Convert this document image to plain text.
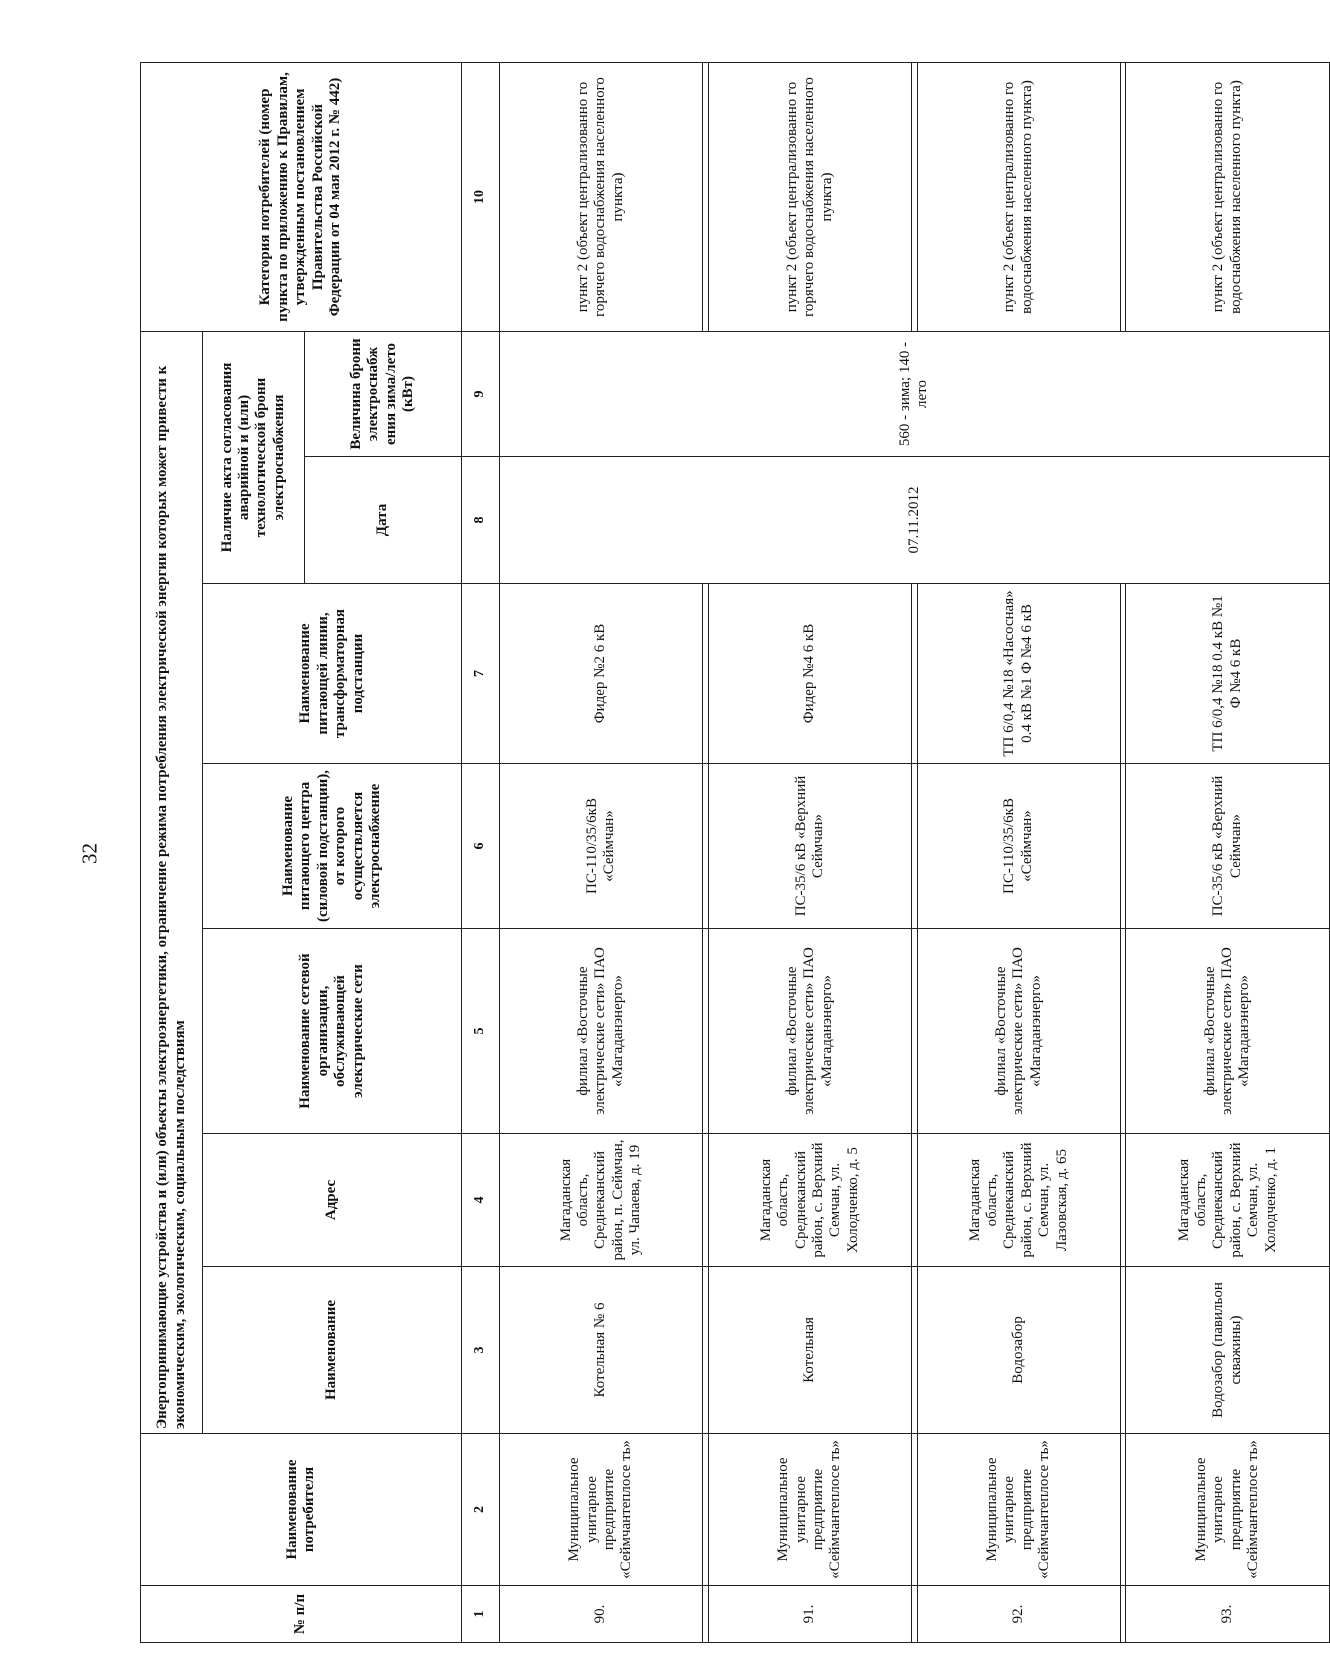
32
№ п/п	Наименование потребителя	Энергопринимающие устройства и (или) объекты электроэнергетики, ограничение режима потребления электрической энергии которых может привести к экономическим, экологическим, социальным последствиям							Категория потребителей (номер пункта по приложению к Правилам, утвержденным постановлением Правительства Российской Федерации от 04 мая 2012 г. № 442)
		Наименование	Адрес	Наименование сетевой организации, обслуживающей электрические сети	Наименование питающего центра (силовой подстанции), от которого осуществляется электроснабжение	Наименование питающей линии, трансформаторная подстанции	Наличие акта согласования аварийной и (или) технологической брони электроснабжения		
							Дата	Величина брони электроснабж ения зима/лето (кВт)	
1	2	3	4	5	6	7	8	9	10
90.	Муниципальное унитарное предприятие «Сеймчантеплосе ть»	Котельная № 6	Магаданская область, Среднеканский район, п. Сеймчан, ул. Чапаева, д. 19	филиал «Восточные электрические сети» ПАО «Магаданэнерго»	ПС-110/35/6кВ «Сеймчан»	Фидер №2 6 кВ	07.11.2012	560 - зима; 140 - лето	пункт 2 (объект централизованно го горячего водоснабжения населенного пункта)

91.	Муниципальное унитарное предприятие «Сеймчантеплосе ть»	Котельная	Магаданская область, Среднеканский район, с. Верхний Семчан, ул. Холодченко, д. 5	филиал «Восточные электрические сети» ПАО «Магаданэнерго»	ПС-35/6 кВ «Верхний Сеймчан»	Фидер №4 6 кВ			пункт 2 (объект централизованно го горячего водоснабжения населенного пункта)

92.	Муниципальное унитарное предприятие «Сеймчантеплосе ть»	Водозабор	Магаданская область, Среднеканский район, с. Верхний Семчан, ул. Лазовская, д. 65	филиал «Восточные электрические сети» ПАО «Магаданэнерго»	ПС-110/35/6кВ «Сеймчан»	ТП 6/0,4 №18 «Насосная» 0.4 кВ №1 Ф №4 6 кВ			пункт 2 (объект централизованно го водоснабжения населенного пункта)

93.	Муниципальное унитарное предприятие «Сеймчантеплосе ть»	Водозабор (павильон скважины)	Магаданская область, Среднеканский район, с. Верхний Семчан, ул. Холодченко, д. 1	филиал «Восточные электрические сети» ПАО «Магаданэнерго»	ПС-35/6 кВ «Верхний Сеймчан»	ТП 6/0,4 №18 0.4 кВ №1 Ф №4 6 кВ			пункт 2 (объект централизованно го водоснабжения населенного пункта)
